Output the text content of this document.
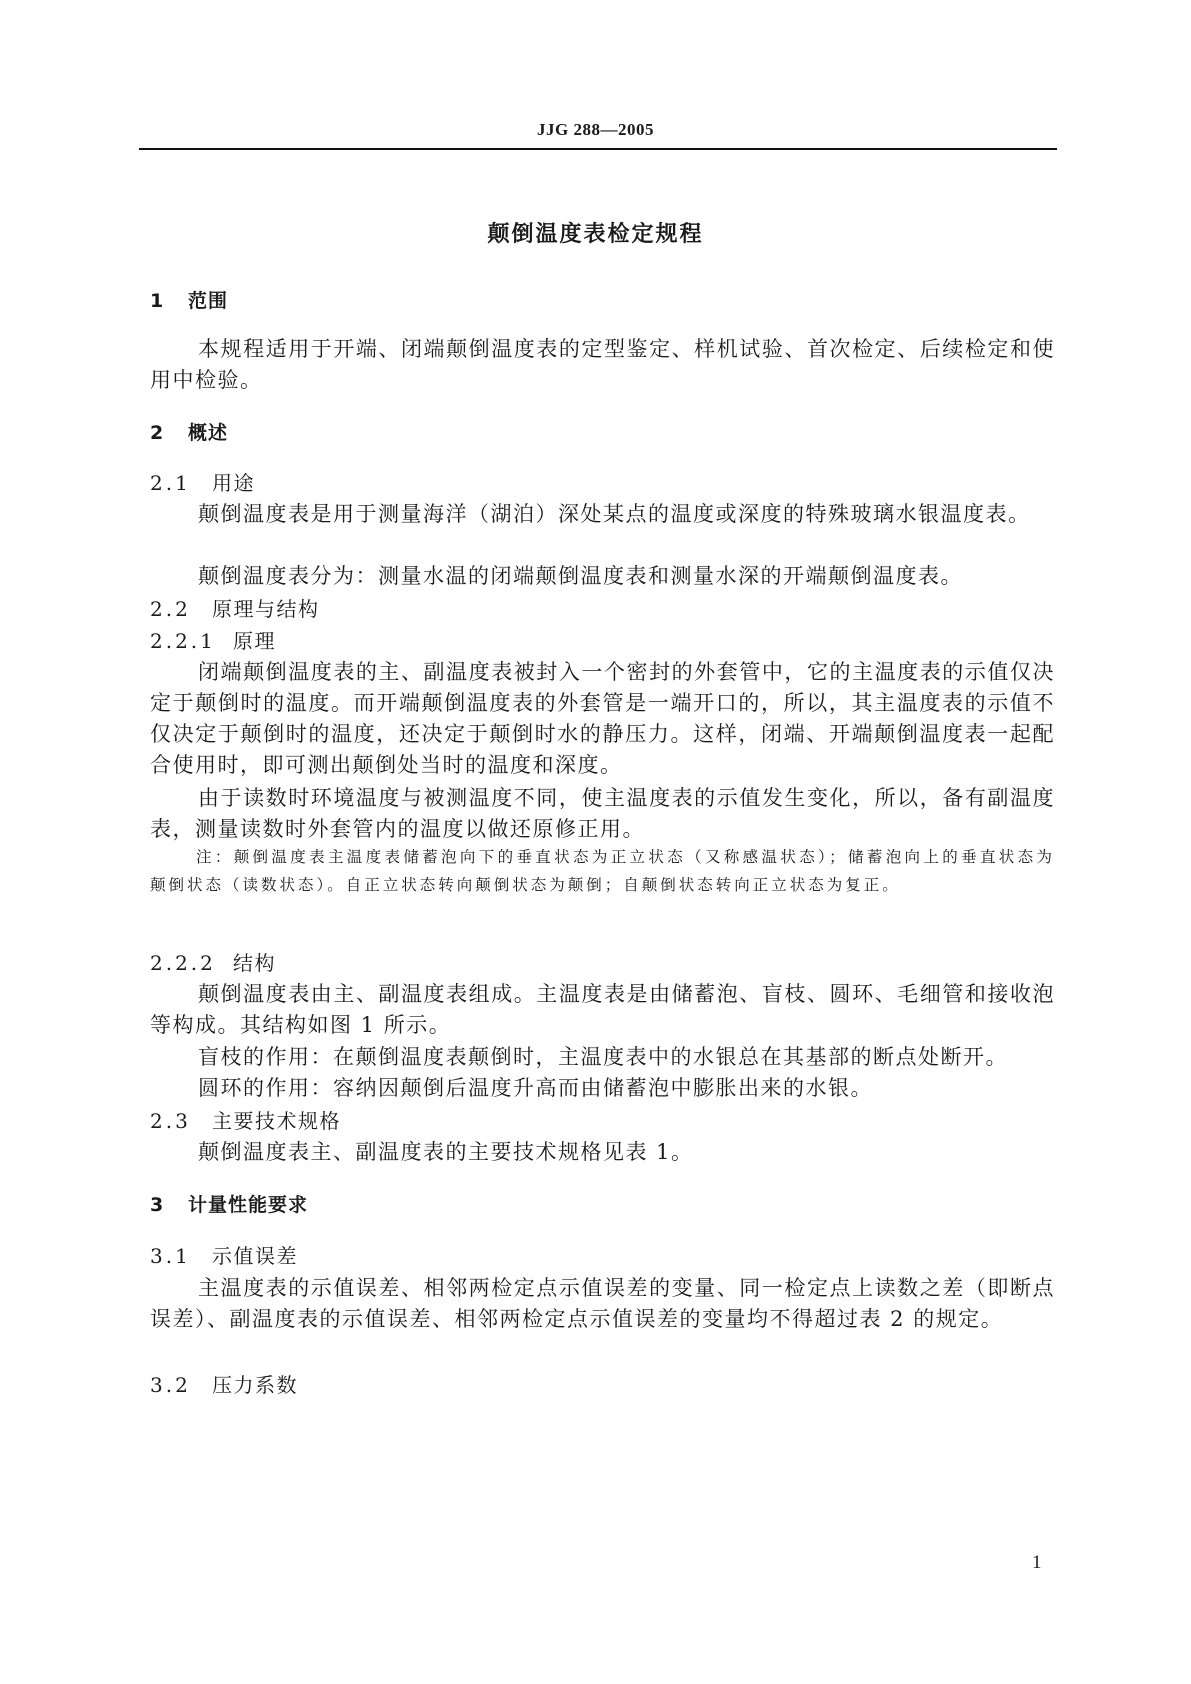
JJG 288—2005
颠倒温度表检定规程
1 范围
本规程适用于开端、闭端颠倒温度表的定型鉴定、样机试验、首次检定、后续检定和使用中检验。
2 概述
2.1 用途
颠倒温度表是用于测量海洋（湖泊）深处某点的温度或深度的特殊玻璃水银温度表。
颠倒温度表分为：测量水温的闭端颠倒温度表和测量水深的开端颠倒温度表。
2.2 原理与结构
2.2.1 原理
闭端颠倒温度表的主、副温度表被封入一个密封的外套管中，它的主温度表的示值仅决定于颠倒时的温度。而开端颠倒温度表的外套管是一端开口的，所以，其主温度表的示值不仅决定于颠倒时的温度，还决定于颠倒时水的静压力。这样，闭端、开端颠倒温度表一起配合使用时，即可测出颠倒处当时的温度和深度。
由于读数时环境温度与被测温度不同，使主温度表的示值发生变化，所以，备有副温度表，测量读数时外套管内的温度以做还原修正用。
注：颠倒温度表主温度表储蓄泡向下的垂直状态为正立状态（又称感温状态）；储蓄泡向上的垂直状态为颠倒状态（读数状态）。自正立状态转向颠倒状态为颠倒；自颠倒状态转向正立状态为复正。
2.2.2 结构
颠倒温度表由主、副温度表组成。主温度表是由储蓄泡、盲枝、圆环、毛细管和接收泡等构成。其结构如图 1 所示。
盲枝的作用：在颠倒温度表颠倒时，主温度表中的水银总在其基部的断点处断开。
圆环的作用：容纳因颠倒后温度升高而由储蓄泡中膨胀出来的水银。
2.3 主要技术规格
颠倒温度表主、副温度表的主要技术规格见表 1。
3 计量性能要求
3.1 示值误差
主温度表的示值误差、相邻两检定点示值误差的变量、同一检定点上读数之差（即断点误差）、副温度表的示值误差、相邻两检定点示值误差的变量均不得超过表 2 的规定。
3.2 压力系数
1
